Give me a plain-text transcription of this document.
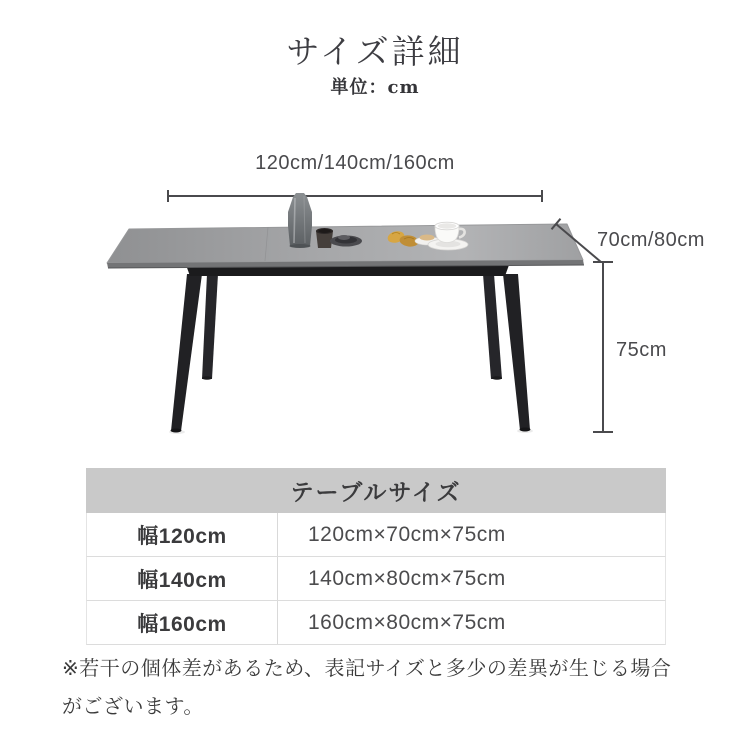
サイズ詳細
単位：cm
120cm/140cm/160cm
70cm/80cm
75cm
テーブルサイズ
幅120cm	120cm×70cm×75cm
幅140cm	140cm×80cm×75cm
幅160cm	160cm×80cm×75cm

※若干の個体差があるため、表記サイズと多少の差異が生じる場合
がございます。
